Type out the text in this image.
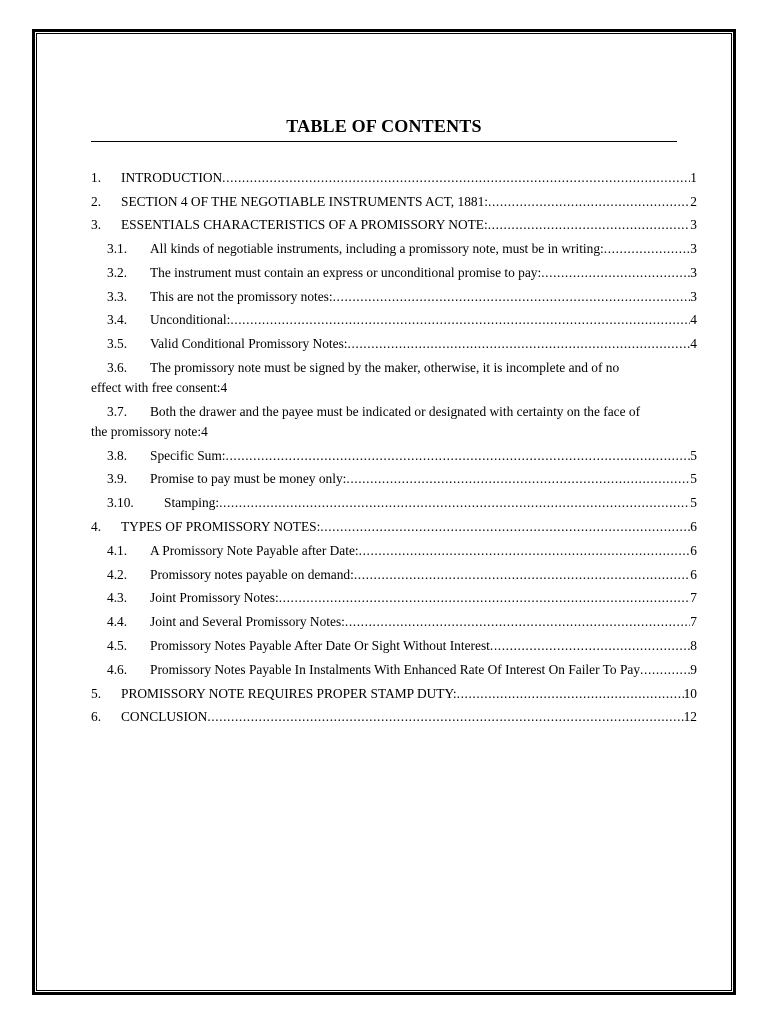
TABLE OF CONTENTS
1.	INTRODUCTION .....	1
2.	SECTION 4 OF THE NEGOTIABLE INSTRUMENTS ACT, 1881: .....	2
3.	ESSENTIALS CHARACTERISTICS OF A PROMISSORY NOTE: .....	3
3.1.	All kinds of negotiable instruments, including a promissory note, must be in writing: .....	3
3.2.	The instrument must contain an express or unconditional promise to pay: .....	3
3.3.	This are not the promissory notes: .....	3
3.4.	Unconditional: .....	4
3.5.	Valid Conditional Promissory Notes: .....	4
3.6. The promissory note must be signed by the maker, otherwise, it is incomplete and of no
effect with free consent: 4
3.7. Both the drawer and the payee must be indicated or designated with certainty on the face of
the promissory note: 4
3.8.	Specific Sum: .....	5
3.9.	Promise to pay must be money only: .....	5
3.10.	Stamping: .....	5
4.	TYPES OF PROMISSORY NOTES: .....	6
4.1.	A Promissory Note Payable after Date: .....	6
4.2.	Promissory notes payable on demand: .....	6
4.3.	Joint Promissory Notes: .....	7
4.4.	Joint and Several Promissory Notes: .....	7
4.5.	Promissory Notes Payable After Date Or Sight Without Interest .....	8
4.6.	Promissory Notes Payable In Instalments With Enhanced Rate Of Interest On Failer To Pay .....	9
5.	PROMISSORY NOTE REQUIRES PROPER STAMP DUTY: .....	10
6.	CONCLUSION .....	12
